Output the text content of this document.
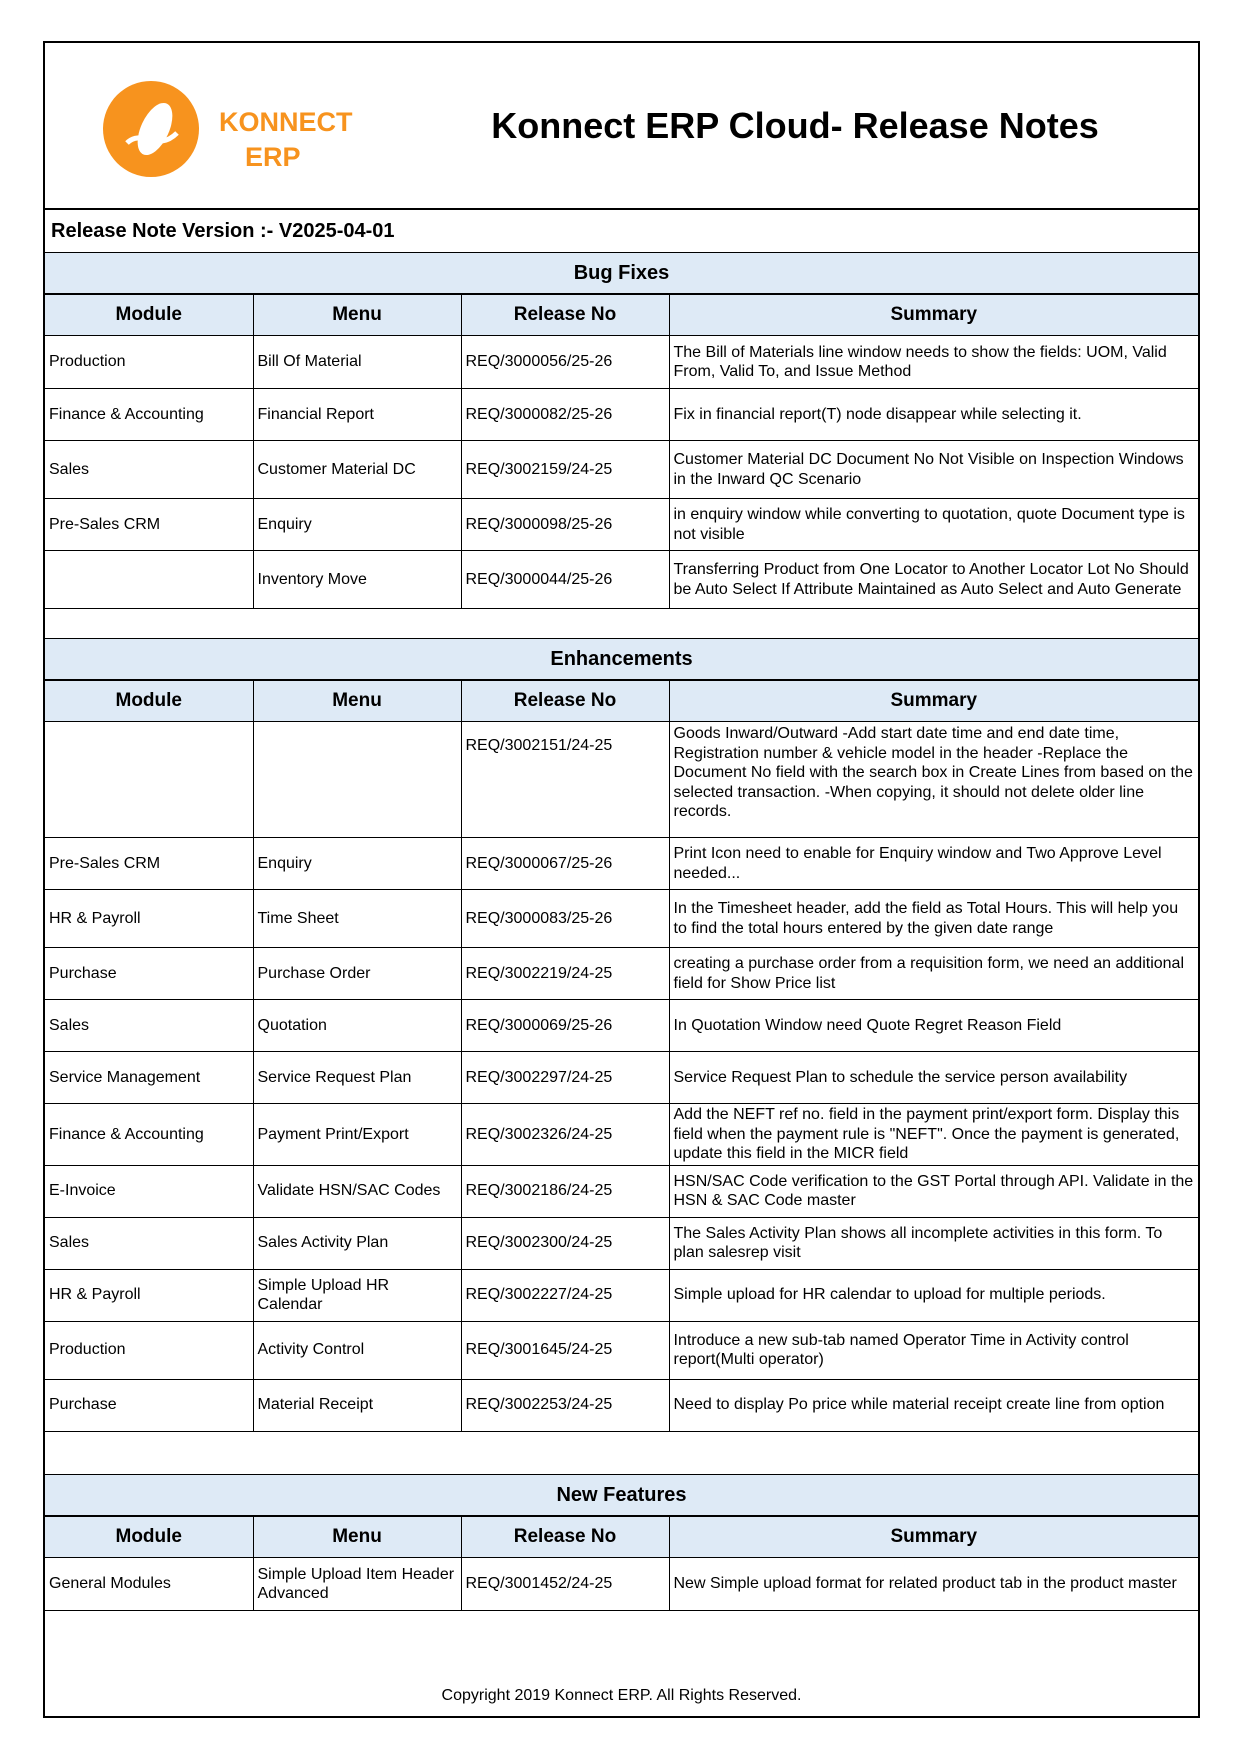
KONNECT
ERP
Konnect ERP Cloud- Release Notes
Release Note Version :- V2025-04-01
Bug Fixes
Module	Menu	Release No	Summary
Production	Bill Of Material	REQ/3000056/25-26	The Bill of Materials line window needs to show the fields: UOM, Valid From, Valid To, and Issue Method
Finance & Accounting	Financial Report	REQ/3000082/25-26	Fix in financial report(T) node disappear while selecting it.
Sales	Customer Material DC	REQ/3002159/24-25	Customer Material DC Document No Not Visible on Inspection Windows in the Inward QC Scenario
Pre-Sales CRM	Enquiry	REQ/3000098/25-26	in enquiry window while converting to quotation, quote Document type is not visible
	Inventory Move	REQ/3000044/25-26	Transferring Product from One Locator to Another Locator Lot No Should be Auto Select If Attribute Maintained as Auto Select and Auto Generate
Enhancements
Module	Menu	Release No	Summary
		REQ/3002151/24-25	Goods Inward/Outward -Add start date time and end date time, Registration number & vehicle model in the header -Replace the Document No field with the search box in Create Lines from based on the selected transaction. -When copying, it should not delete older line records.
Pre-Sales CRM	Enquiry	REQ/3000067/25-26	Print Icon need to enable for Enquiry window and Two Approve Level needed...
HR & Payroll	Time Sheet	REQ/3000083/25-26	In the Timesheet header, add the field as Total Hours. This will help you to find the total hours entered by the given date range
Purchase	Purchase Order	REQ/3002219/24-25	creating a purchase order from a requisition form, we need an additional field for Show Price list
Sales	Quotation	REQ/3000069/25-26	In Quotation Window need Quote Regret Reason Field
Service Management	Service Request Plan	REQ/3002297/24-25	Service Request Plan to schedule the service person availability
Finance & Accounting	Payment Print/Export	REQ/3002326/24-25	Add the NEFT ref no. field in the payment print/export form. Display this field when the payment rule is "NEFT". Once the payment is generated, update this field in the MICR field
E-Invoice	Validate HSN/SAC Codes	REQ/3002186/24-25	HSN/SAC Code verification to the GST Portal through API. Validate in the HSN & SAC Code master
Sales	Sales Activity Plan	REQ/3002300/24-25	The Sales Activity Plan shows all incomplete activities in this form. To plan salesrep visit
HR & Payroll	Simple Upload HR Calendar	REQ/3002227/24-25	Simple upload for HR calendar to upload for multiple periods.
Production	Activity Control	REQ/3001645/24-25	Introduce a new sub-tab named Operator Time in Activity control report(Multi operator)
Purchase	Material Receipt	REQ/3002253/24-25	Need to display Po price while material receipt create line from option
New Features
Module	Menu	Release No	Summary
General Modules	Simple Upload Item Header Advanced	REQ/3001452/24-25	New Simple upload format for related product tab in the product master
Copyright 2019 Konnect ERP. All Rights Reserved.
